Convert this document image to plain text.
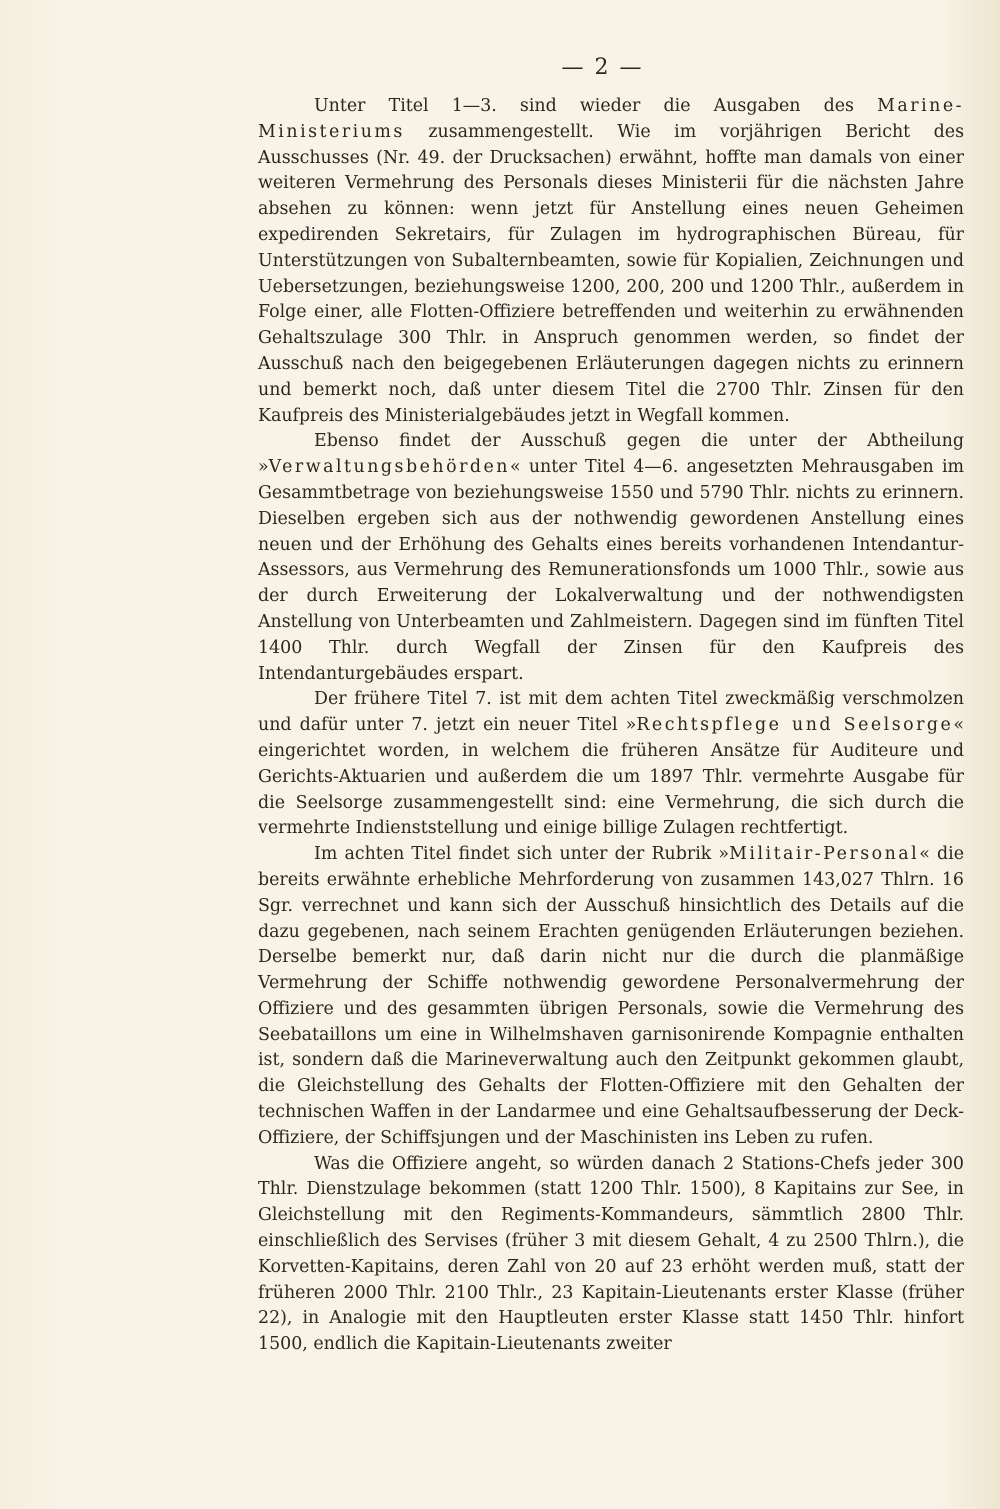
— 2 —

Unter Titel 1—3. sind wieder die Ausgaben des Marine-Ministeriums zusammengestellt. Wie im vorjährigen Bericht des Ausschusses (Nr. 49. der Drucksachen) erwähnt, hoffte man damals von einer weiteren Vermehrung des Personals dieses Ministerii für die nächsten Jahre absehen zu können: wenn jetzt für Anstellung eines neuen Geheimen expedirenden Sekretairs, für Zulagen im hydrographischen Büreau, für Unterstützungen von Subalternbeamten, sowie für Kopialien, Zeichnungen und Uebersetzungen, beziehungsweise 1200, 200, 200 und 1200 Thlr., außerdem in Folge einer, alle Flotten-Offiziere betreffenden und weiterhin zu erwähnenden Gehaltszulage 300 Thlr. in Anspruch genommen werden, so findet der Ausschuß nach den beigegebenen Erläuterungen dagegen nichts zu erinnern und bemerkt noch, daß unter diesem Titel die 2700 Thlr. Zinsen für den Kaufpreis des Ministerialgebäudes jetzt in Wegfall kommen.

Ebenso findet der Ausschuß gegen die unter der Abtheilung »Verwaltungsbehörden« unter Titel 4—6. angesetzten Mehrausgaben im Gesammtbetrage von beziehungsweise 1550 und 5790 Thlr. nichts zu erinnern. Dieselben ergeben sich aus der nothwendig gewordenen Anstellung eines neuen und der Erhöhung des Gehalts eines bereits vorhandenen Intendantur-Assessors, aus Vermehrung des Remunerationsfonds um 1000 Thlr., sowie aus der durch Erweiterung der Lokalverwaltung und der nothwendigsten Anstellung von Unterbeamten und Zahlmeistern. Dagegen sind im fünften Titel 1400 Thlr. durch Wegfall der Zinsen für den Kaufpreis des Intendanturgebäudes erspart.

Der frühere Titel 7. ist mit dem achten Titel zweckmäßig verschmolzen und dafür unter 7. jetzt ein neuer Titel »Rechtspflege und Seelsorge« eingerichtet worden, in welchem die früheren Ansätze für Auditeure und Gerichts-Aktuarien und außerdem die um 1897 Thlr. vermehrte Ausgabe für die Seelsorge zusammengestellt sind: eine Vermehrung, die sich durch die vermehrte Indienststellung und einige billige Zulagen rechtfertigt.

Im achten Titel findet sich unter der Rubrik »Militair-Personal« die bereits erwähnte erhebliche Mehrforderung von zusammen 143,027 Thlrn. 16 Sgr. verrechnet und kann sich der Ausschuß hinsichtlich des Details auf die dazu gegebenen, nach seinem Erachten genügenden Erläuterungen beziehen. Derselbe bemerkt nur, daß darin nicht nur die durch die planmäßige Vermehrung der Schiffe nothwendig gewordene Personalvermehrung der Offiziere und des gesammten übrigen Personals, sowie die Vermehrung des Seebataillons um eine in Wilhelmshaven garnisonirende Kompagnie enthalten ist, sondern daß die Marineverwaltung auch den Zeitpunkt gekommen glaubt, die Gleichstellung des Gehalts der Flotten-Offiziere mit den Gehalten der technischen Waffen in der Landarmee und eine Gehaltsaufbesserung der Deck-Offiziere, der Schiffsjungen und der Maschinisten ins Leben zu rufen.

Was die Offiziere angeht, so würden danach 2 Stations-Chefs jeder 300 Thlr. Dienstzulage bekommen (statt 1200 Thlr. 1500), 8 Kapitains zur See, in Gleichstellung mit den Regiments-Kommandeurs, sämmtlich 2800 Thlr. einschließlich des Servises (früher 3 mit diesem Gehalt, 4 zu 2500 Thlrn.), die Korvetten-Kapitains, deren Zahl von 20 auf 23 erhöht werden muß, statt der früheren 2000 Thlr. 2100 Thlr., 23 Kapitain-Lieutenants erster Klasse (früher 22), in Analogie mit den Hauptleuten erster Klasse statt 1450 Thlr. hinfort 1500, endlich die Kapitain-Lieutenants zweiter
